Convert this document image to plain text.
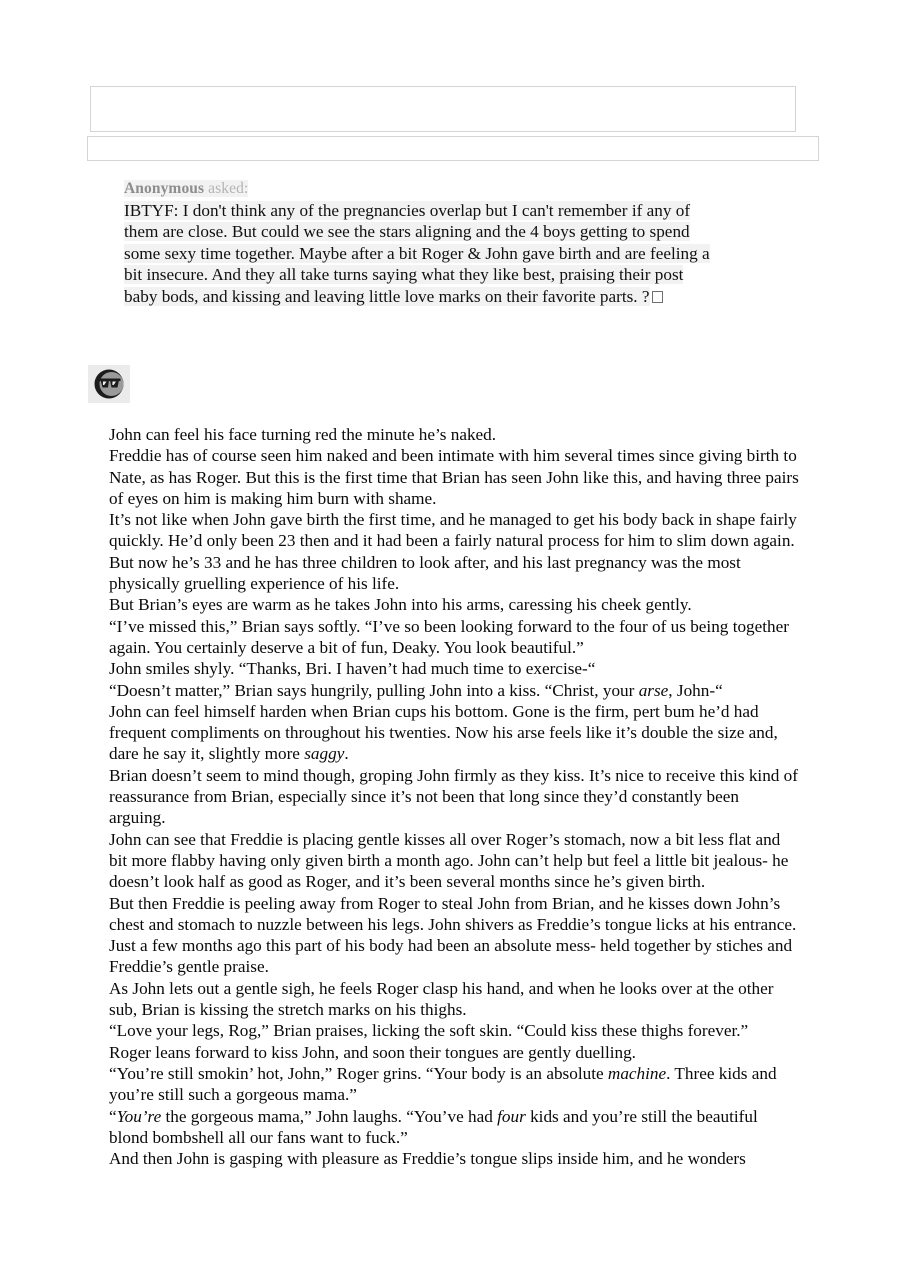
Anonymous asked:
IBTYF: I don't think any of the pregnancies overlap but I can't remember if any of them are close. But could we see the stars aligning and the 4 boys getting to spend some sexy time together. Maybe after a bit Roger & John gave birth and are feeling a bit insecure. And they all take turns saying what they like best, praising their post baby bods, and kissing and leaving little love marks on their favorite parts. ?

John can feel his face turning red the minute he’s naked.

Freddie has of course seen him naked and been intimate with him several times since giving birth to Nate, as has Roger. But this is the first time that Brian has seen John like this, and having three pairs of eyes on him is making him burn with shame.

It’s not like when John gave birth the first time, and he managed to get his body back in shape fairly quickly. He’d only been 23 then and it had been a fairly natural process for him to slim down again. But now he’s 33 and he has three children to look after, and his last pregnancy was the most physically gruelling experience of his life.

But Brian’s eyes are warm as he takes John into his arms, caressing his cheek gently.

“I’ve missed this,” Brian says softly. “I’ve so been looking forward to the four of us being together again. You certainly deserve a bit of fun, Deaky. You look beautiful.”

John smiles shyly. “Thanks, Bri. I haven’t had much time to exercise-“

“Doesn’t matter,” Brian says hungrily, pulling John into a kiss. “Christ, your arse, John-“

John can feel himself harden when Brian cups his bottom. Gone is the firm, pert bum he’d had frequent compliments on throughout his twenties. Now his arse feels like it’s double the size and, dare he say it, slightly more saggy.

Brian doesn’t seem to mind though, groping John firmly as they kiss. It’s nice to receive this kind of reassurance from Brian, especially since it’s not been that long since they’d constantly been arguing.

John can see that Freddie is placing gentle kisses all over Roger’s stomach, now a bit less flat and bit more flabby having only given birth a month ago. John can’t help but feel a little bit jealous- he doesn’t look half as good as Roger, and it’s been several months since he’s given birth.

But then Freddie is peeling away from Roger to steal John from Brian, and he kisses down John’s chest and stomach to nuzzle between his legs. John shivers as Freddie’s tongue licks at his entrance. Just a few months ago this part of his body had been an absolute mess- held together by stiches and Freddie’s gentle praise.

As John lets out a gentle sigh, he feels Roger clasp his hand, and when he looks over at the other sub, Brian is kissing the stretch marks on his thighs.

“Love your legs, Rog,” Brian praises, licking the soft skin. “Could kiss these thighs forever.”

Roger leans forward to kiss John, and soon their tongues are gently duelling.

“You’re still smokin’ hot, John,” Roger grins. “Your body is an absolute machine. Three kids and you’re still such a gorgeous mama.”

“You’re the gorgeous mama,” John laughs. “You’ve had four kids and you’re still the beautiful blond bombshell all our fans want to fuck.”

And then John is gasping with pleasure as Freddie’s tongue slips inside him, and he wonders
